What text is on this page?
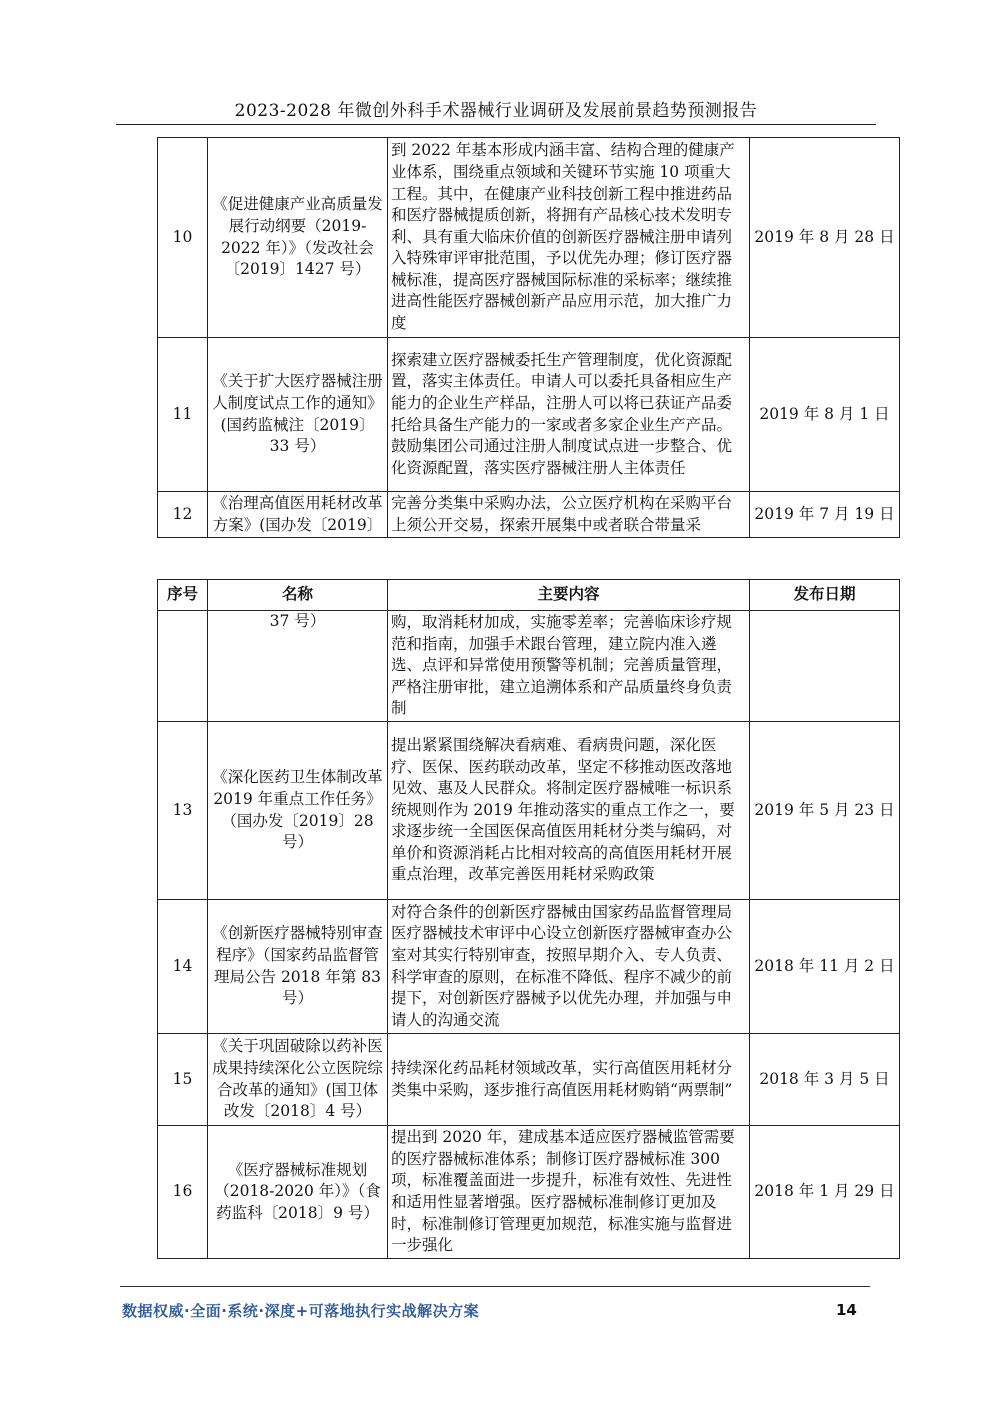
2023-2028 年微创外科手术器械行业调研及发展前景趋势预测报告
10	《促进健康产业高质量发展行动纲要（2019-2022 年）》（发改社会〔2019〕1427 号）	到 2022 年基本形成内涵丰富、结构合理的健康产业体系，围绕重点领域和关键环节实施 10 项重大工程。其中，在健康产业科技创新工程中推进药品和医疗器械提质创新，将拥有产品核心技术发明专利、具有重大临床价值的创新医疗器械注册申请列入特殊审评审批范围，予以优先办理；修订医疗器械标准，提高医疗器械国际标准的采标率；继续推进高性能医疗器械创新产品应用示范，加大推广力度	2019 年 8 月 28 日
11	《关于扩大医疗器械注册人制度试点工作的通知》(国药监械注〔2019〕33 号）	探索建立医疗器械委托生产管理制度，优化资源配置，落实主体责任。申请人可以委托具备相应生产能力的企业生产样品，注册人可以将已获证产品委托给具备生产能力的一家或者多家企业生产产品。鼓励集团公司通过注册人制度试点进一步整合、优化资源配置，落实医疗器械注册人主体责任	2019 年 8 月 1 日
12	《治理高值医用耗材改革方案》(国办发〔2019〕	完善分类集中采购办法，公立医疗机构在采购平台上须公开交易，探索开展集中或者联合带量采	2019 年 7 月 19 日
序号	名称	主要内容	发布日期
	37 号）	购，取消耗材加成，实施零差率；完善临床诊疗规范和指南，加强手术跟台管理，建立院内准入遴选、点评和异常使用预警等机制；完善质量管理，严格注册审批，建立追溯体系和产品质量终身负责制	
13	《深化医药卫生体制改革 2019 年重点工作任务》（国办发〔2019〕28 号）	提出紧紧围绕解决看病难、看病贵问题，深化医疗、医保、医药联动改革，坚定不移推动医改落地见效、惠及人民群众。将制定医疗器械唯一标识系统规则作为 2019 年推动落实的重点工作之一，要求逐步统一全国医保高值医用耗材分类与编码，对单价和资源消耗占比相对较高的高值医用耗材开展重点治理，改革完善医用耗材采购政策	2019 年 5 月 23 日
14	《创新医疗器械特别审查程序》（国家药品监督管理局公告 2018 年第 83 号）	对符合条件的创新医疗器械由国家药品监督管理局医疗器械技术审评中心设立创新医疗器械审查办公室对其实行特别审查，按照早期介入、专人负责、科学审查的原则，在标准不降低、程序不减少的前提下，对创新医疗器械予以优先办理，并加强与申请人的沟通交流	2018 年 11 月 2 日
15	《关于巩固破除以药补医成果持续深化公立医院综合改革的通知》(国卫体改发〔2018〕4 号）	持续深化药品耗材领域改革，实行高值医用耗材分类集中采购，逐步推行高值医用耗材购销“两票制”	2018 年 3 月 5 日
16	《医疗器械标准规划（2018-2020 年）》（食药监科〔2018〕9 号）	提出到 2020 年，建成基本适应医疗器械监管需要的医疗器械标准体系；制修订医疗器械标准 300 项，标准覆盖面进一步提升，标准有效性、先进性和适用性显著增强。医疗器械标准制修订更加及时，标准制修订管理更加规范，标准实施与监督进一步强化	2018 年 1 月 29 日
数据权威·全面·系统·深度+可落地执行实战解决方案	14
